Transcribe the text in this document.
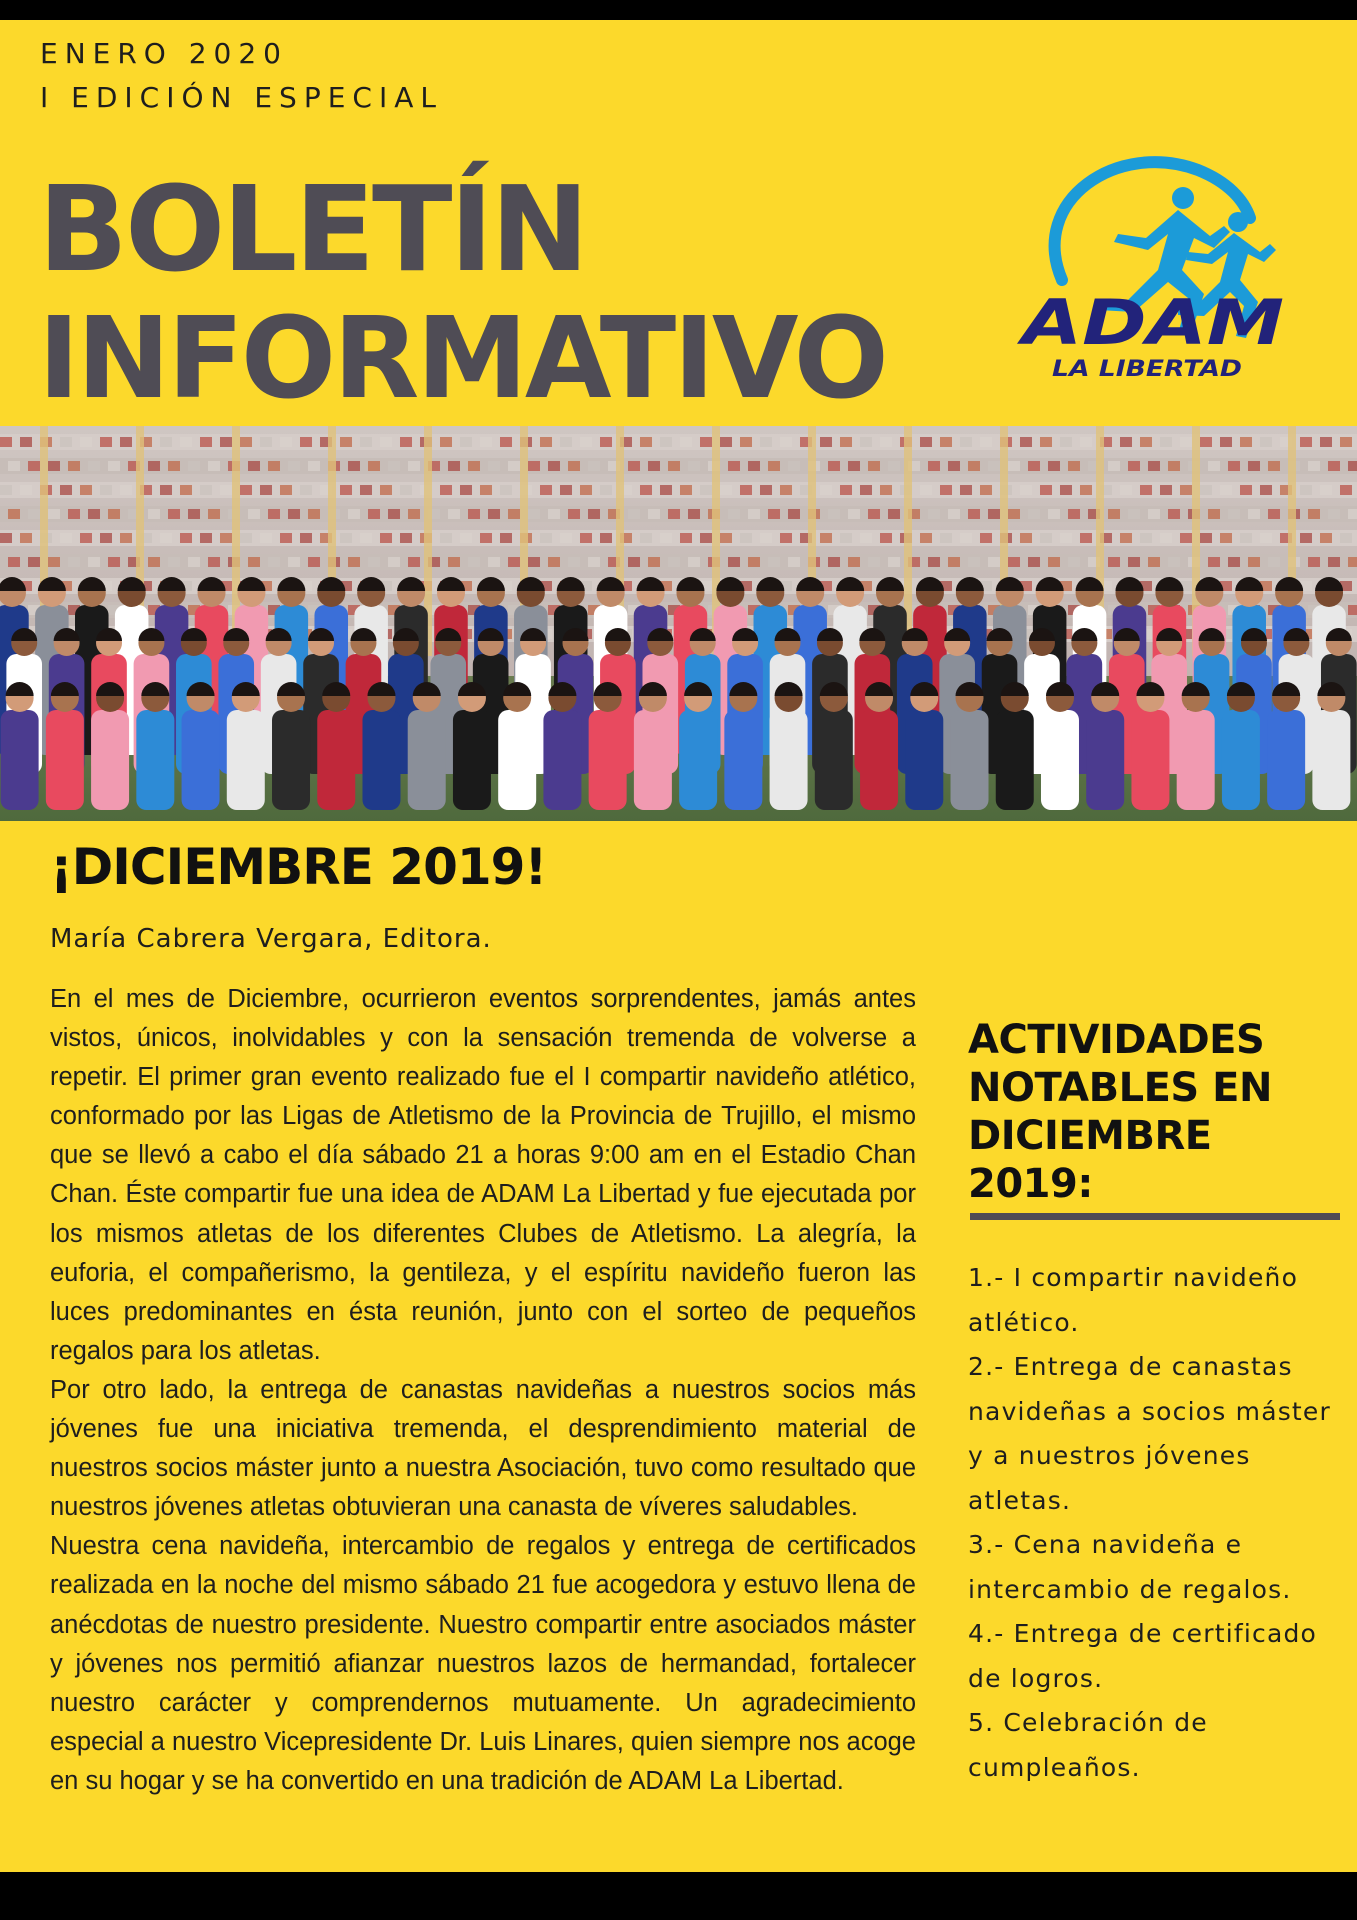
ENERO 2020
I EDICIÓN ESPECIAL
BOLETÍN
INFORMATIVO ADAM
LA LIBERTAD
¡DICIEMBRE 2019!
María Cabrera Vergara, Editora.

En el mes de Diciembre, ocurrieron eventos sorprendentes, jamás antes vistos, únicos, inolvidables y con la sensación tremenda de volverse a repetir. El primer gran evento realizado fue el I compartir navideño atlético, conformado por las Ligas de Atletismo de la Provincia de Trujillo, el mismo que se llevó a cabo el día sábado 21 a horas 9:00 am en el Estadio Chan Chan. Éste compartir fue una idea de ADAM La Libertad y fue ejecutada por los mismos atletas de los diferentes Clubes de Atletismo. La alegría, la euforia, el compañerismo, la gentileza, y el espíritu navideño fueron las luces predominantes en ésta reunión, junto con el sorteo de pequeños regalos para los atletas.

Por otro lado, la entrega de canastas navideñas a nuestros socios más jóvenes fue una iniciativa tremenda, el desprendimiento material de nuestros socios máster junto a nuestra Asociación, tuvo como resultado que nuestros jóvenes atletas obtuvieran una canasta de víveres saludables.

Nuestra cena navideña, intercambio de regalos y entrega de certificados realizada en la noche del mismo sábado 21 fue acogedora y estuvo llena de anécdotas de nuestro presidente. Nuestro compartir entre asociados máster y jóvenes nos permitió afianzar nuestros lazos de hermandad, fortalecer nuestro carácter y comprendernos mutuamente. Un agradecimiento especial a nuestro Vicepresidente Dr. Luis Linares, quien siempre nos acoge en su hogar y se ha convertido en una tradición de ADAM La Libertad.

ACTIVIDADES NOTABLES EN DICIEMBRE 2019:
1.- I compartir navideño atlético.
2.- Entrega de canastas navideñas a socios máster y a nuestros jóvenes atletas.
3.- Cena navideña e intercambio de regalos.
4.- Entrega de certificado de logros.
5. Celebración de cumpleaños.
